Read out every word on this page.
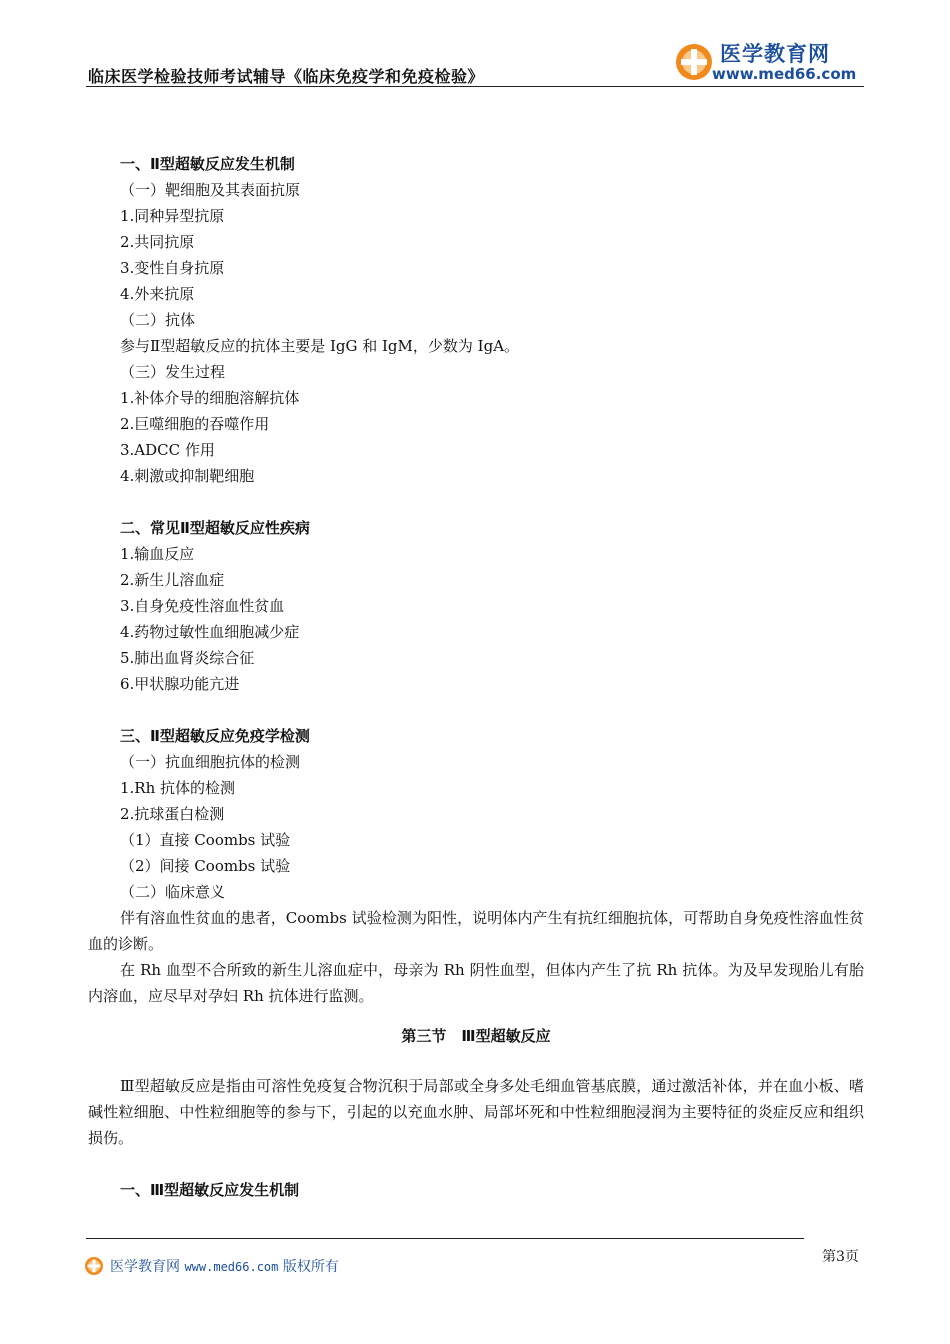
临床医学检验技师考试辅导《临床免疫学和免疫检验》
医学教育网
www.med66.com
一、Ⅱ型超敏反应发生机制
（一）靶细胞及其表面抗原
1.同种异型抗原
2.共同抗原
3.变性自身抗原
4.外来抗原
（二）抗体
参与Ⅱ型超敏反应的抗体主要是 IgG 和 IgM，少数为 IgA。
（三）发生过程
1.补体介导的细胞溶解抗体
2.巨噬细胞的吞噬作用
3.ADCC 作用
4.刺激或抑制靶细胞
二、常见Ⅱ型超敏反应性疾病
1.输血反应
2.新生儿溶血症
3.自身免疫性溶血性贫血
4.药物过敏性血细胞减少症
5.肺出血肾炎综合征
6.甲状腺功能亢进
三、Ⅱ型超敏反应免疫学检测
（一）抗血细胞抗体的检测
1.Rh 抗体的检测
2.抗球蛋白检测
（1）直接 Coombs 试验
（2）间接 Coombs 试验
（二）临床意义
伴有溶血性贫血的患者，Coombs 试验检测为阳性，说明体内产生有抗红细胞抗体，可帮助自身免疫性溶血性贫血的诊断。
在 Rh 血型不合所致的新生儿溶血症中，母亲为 Rh 阴性血型，但体内产生了抗 Rh 抗体。为及早发现胎儿有胎内溶血，应尽早对孕妇 Rh 抗体进行监测。
第三节　Ⅲ型超敏反应
Ⅲ型超敏反应是指由可溶性免疫复合物沉积于局部或全身多处毛细血管基底膜，通过激活补体，并在血小板、嗜碱性粒细胞、中性粒细胞等的参与下，引起的以充血水肿、局部坏死和中性粒细胞浸润为主要特征的炎症反应和组织损伤。
一、Ⅲ型超敏反应发生机制
医学教育网 www.med66.com 版权所有
第3页
